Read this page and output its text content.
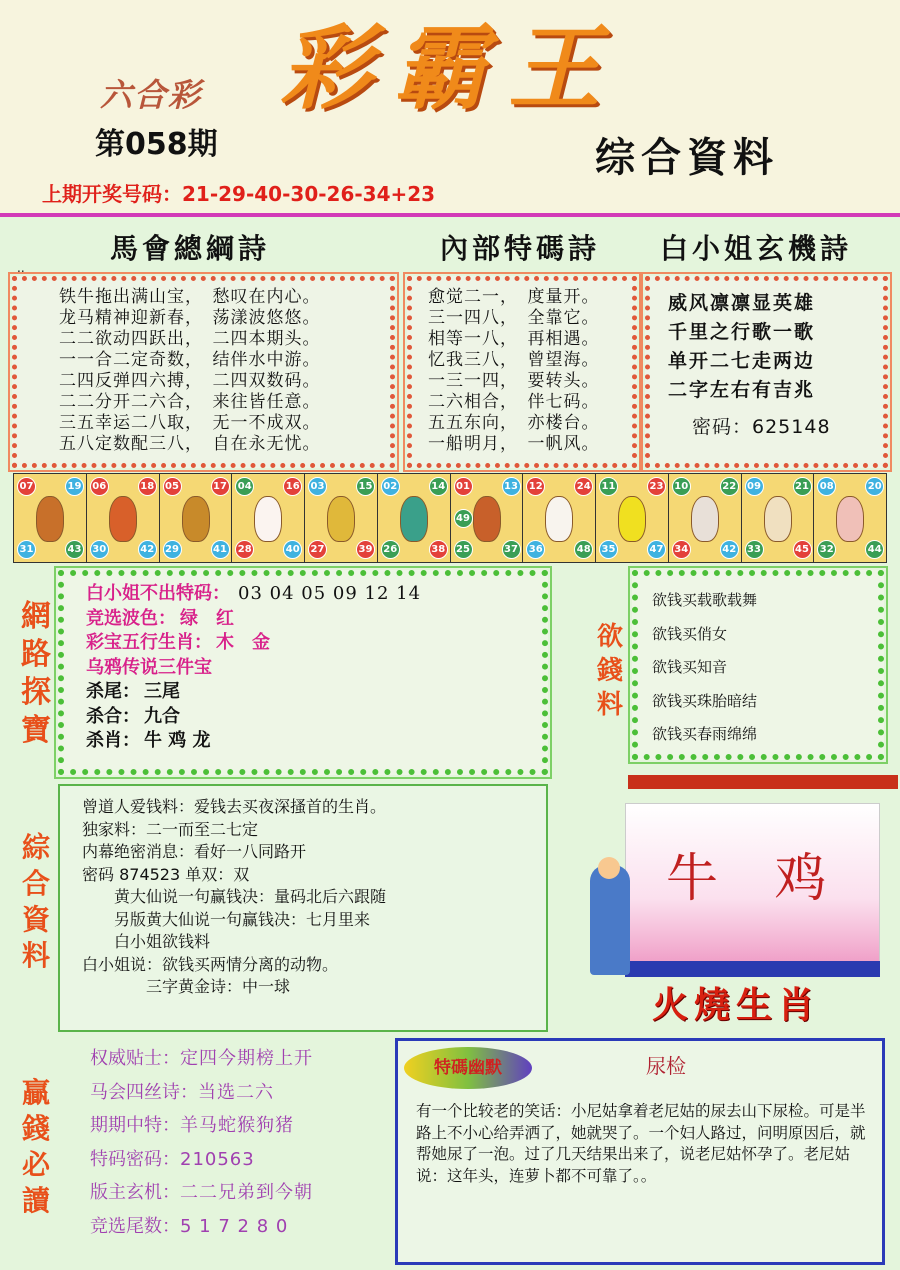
六合彩 彩霸王
第058期	综合資料
上期开奖号码：21-29-40-30-26-34+23
馬會總綱詩	內部特碼詩 白小姐玄機詩
..
铁牛拖出满山宝，　愁叹在内心。
龙马精神迎新春，　荡漾波悠悠。
二二欲动四跃出，　二四本期头。
一一合二定奇数，　结伴水中游。
二四反弹四六搏，　二四双数码。
二二分开二六合，　来往皆任意。
三五幸运二八取，　无一不成双。
五八定数配三八，　自在永无忧。
愈觉二一，　度量开。
三一四八，　全靠它。
相等一八，　再相遇。
忆我三八，　曾望海。
一三一四，　要转头。
二六相合，　伴七码。
五五东向，　亦楼台。
一船明月，　一帆风。
威风凛凛显英雄
千里之行歌一歌
单开二七走两边
二字左右有吉兆
密码：625148
07	19
31	43
06	18
30	42
05	17
29	41
04	16
28	40
03	15
27	39
02	14
26	38
01	13
25	37
49
12	24
36	48
11	23
35	47
10	22
34	42
09	21
33	45
08	20
32	44
網路探寶
白小姐不出特码： 03 04 05 09 12 14
竞选波色： 绿　红
彩宝五行生肖： 木　金
乌鸦传说三件宝
杀尾： 三尾
杀合： 九合
杀肖： 牛 鸡 龙
欲錢料
欲钱买载歌载舞
欲钱买俏女
欲钱买知音
欲钱买珠胎暗结
欲钱买春雨绵绵
綜合資料
曾道人爱钱料：爱钱去买夜深搔首的生肖。
独家料：二一而至二七定
内幕绝密消息：看好一八同路开
密码 874523 单双：双
　　黄大仙说一句赢钱决：量码北后六跟随
　　另版黄大仙说一句赢钱决：七月里来
　　白小姐欲钱料
白小姐说：欲钱买两情分离的动物。
　　　　三字黄金诗：中一球
牛 鸡
火燒生肖
贏錢必讀
权威贴士：定四今期榜上开
马会四丝诗：当选二六
期期中特：羊马蛇猴狗猪
特码密码：210563
版主玄机：二二兄弟到今朝
竞选尾数：5 1 7 2 8 0
特碼幽默	尿检
有一个比较老的笑话：小尼姑拿着老尼姑的尿去山下尿检。可是半路上不小心给弄洒了，她就哭了。一个妇人路过，问明原因后，就帮她尿了一泡。过了几天结果出来了，说老尼姑怀孕了。老尼姑说：这年头，连萝卜都不可靠了。。
